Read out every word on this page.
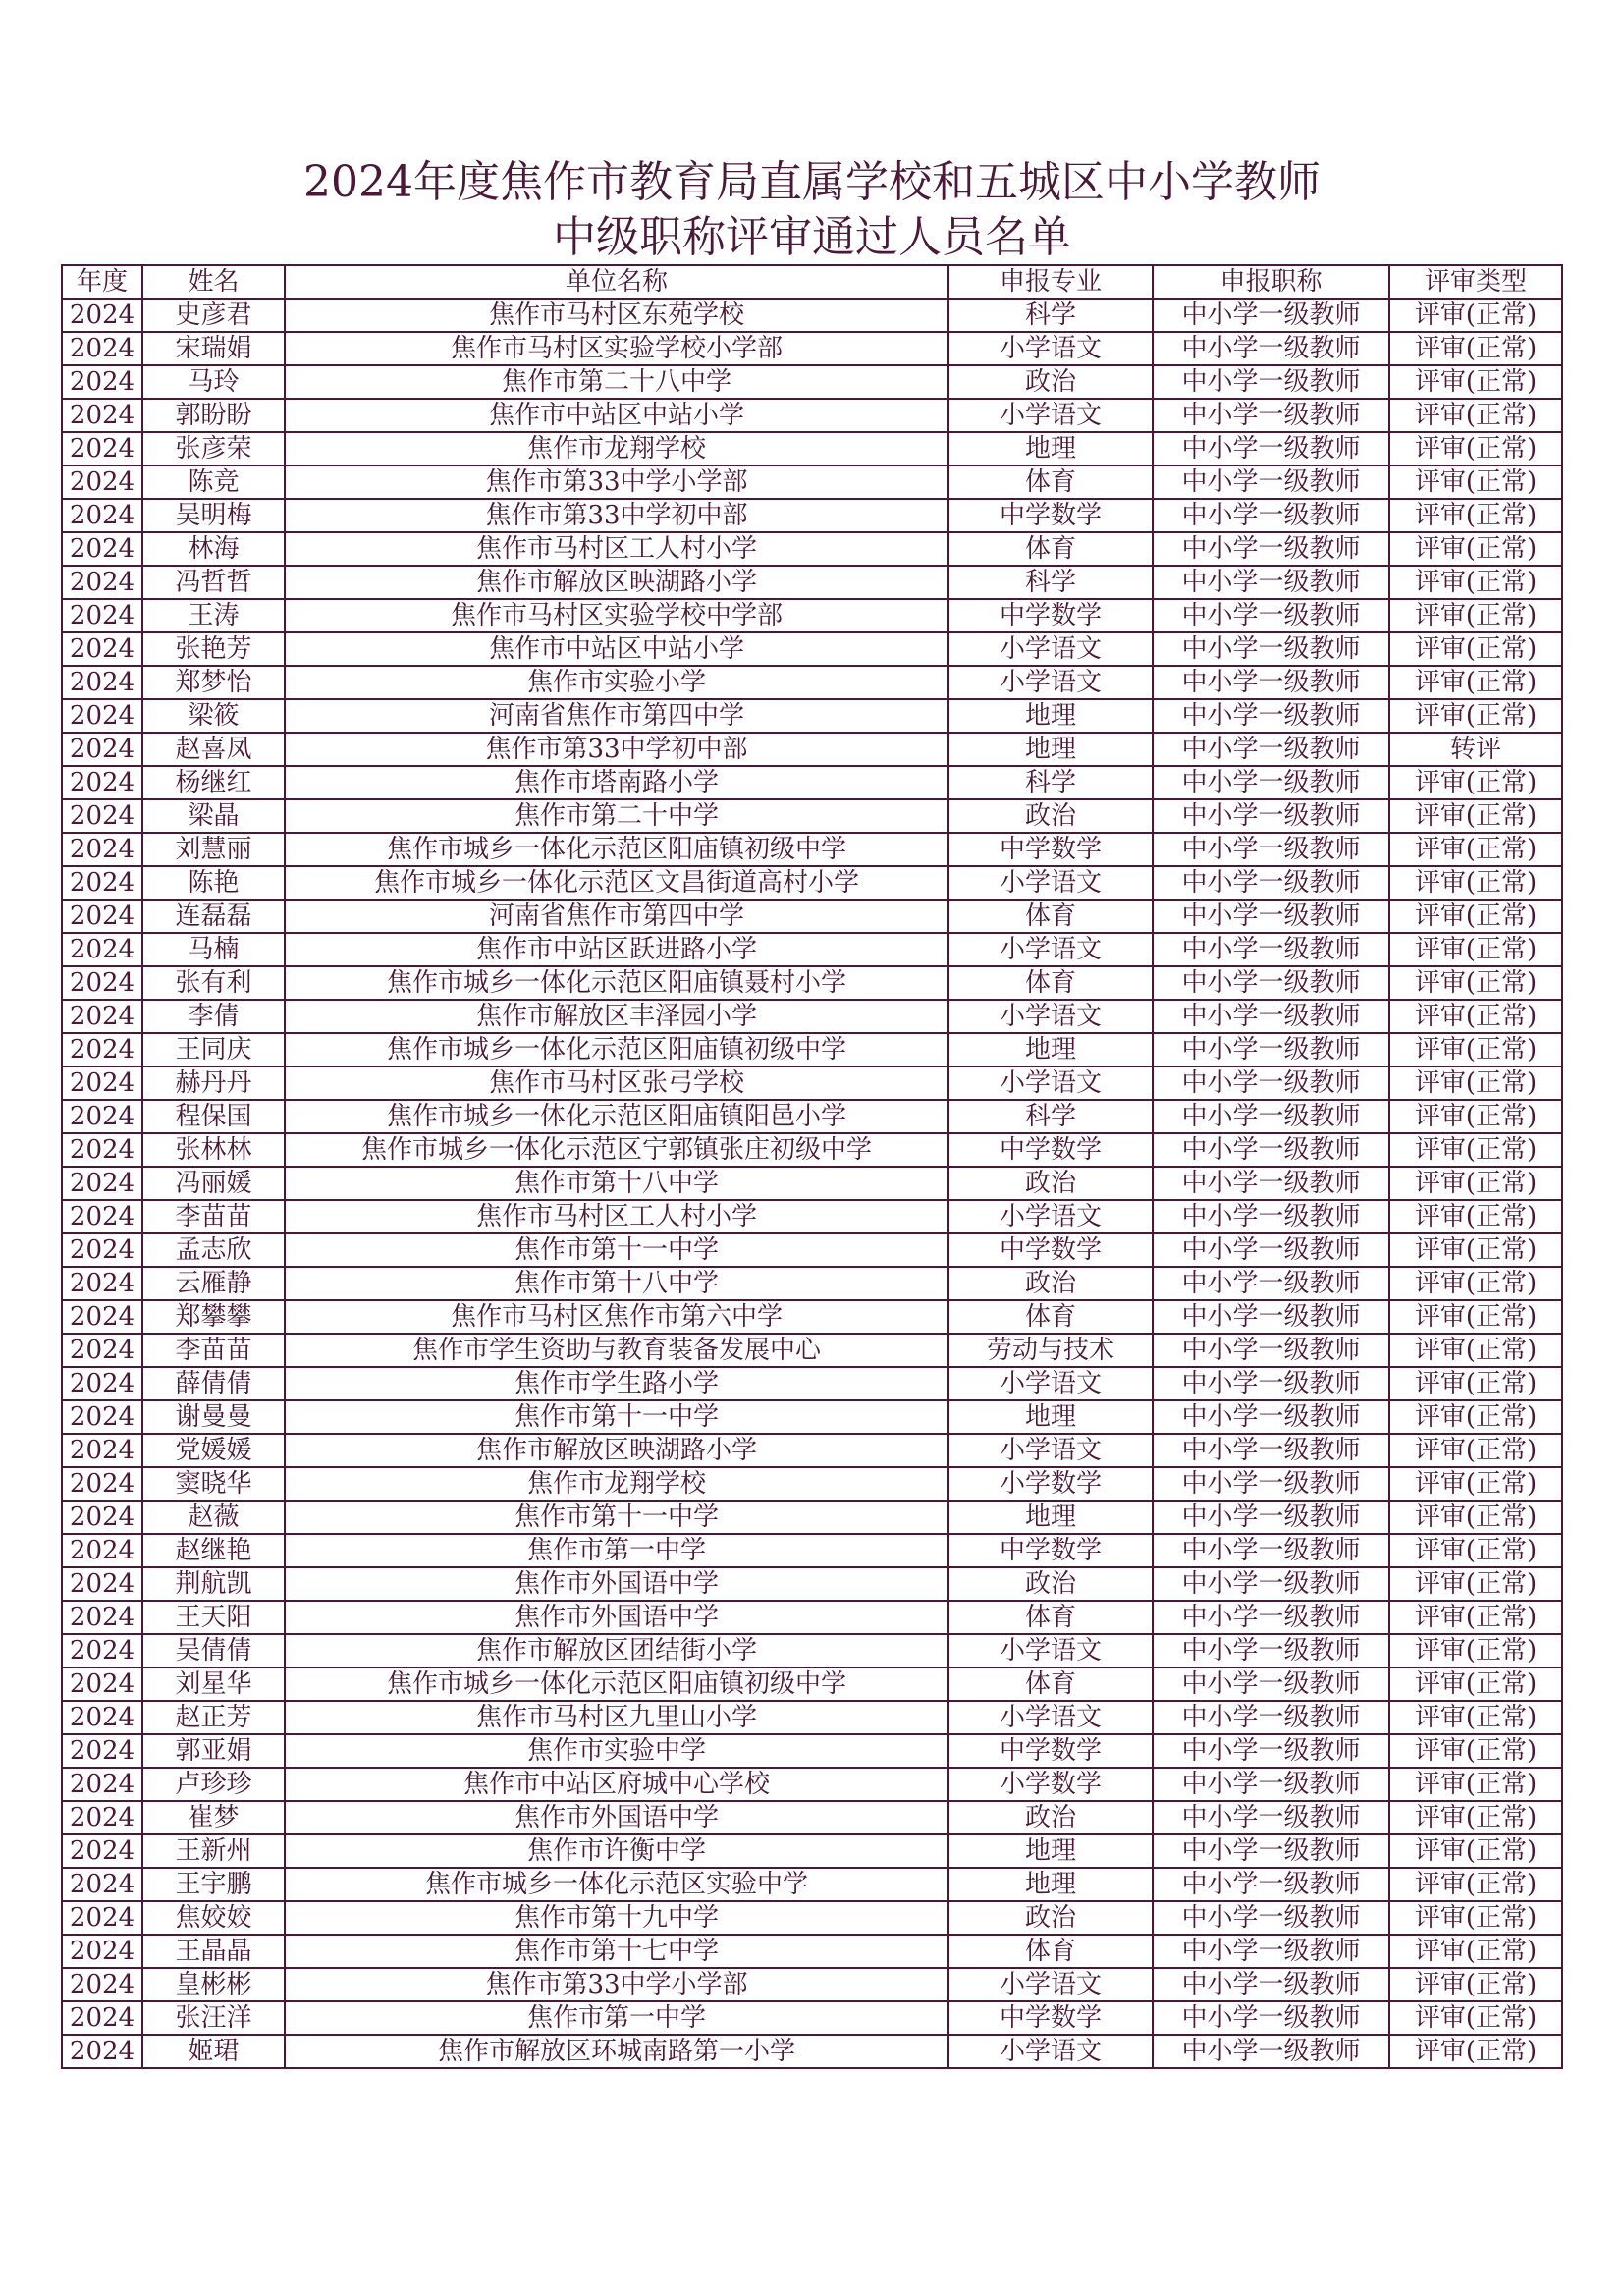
2024年度焦作市教育局直属学校和五城区中小学教师
中级职称评审通过人员名单
年度	姓名	单位名称	申报专业	申报职称	评审类型
2024	史彦君	焦作市马村区东苑学校	科学	中小学一级教师	评审(正常)
2024	宋瑞娟	焦作市马村区实验学校小学部	小学语文	中小学一级教师	评审(正常)
2024	马玲	焦作市第二十八中学	政治	中小学一级教师	评审(正常)
2024	郭盼盼	焦作市中站区中站小学	小学语文	中小学一级教师	评审(正常)
2024	张彦荣	焦作市龙翔学校	地理	中小学一级教师	评审(正常)
2024	陈竞	焦作市第33中学小学部	体育	中小学一级教师	评审(正常)
2024	吴明梅	焦作市第33中学初中部	中学数学	中小学一级教师	评审(正常)
2024	林海	焦作市马村区工人村小学	体育	中小学一级教师	评审(正常)
2024	冯哲哲	焦作市解放区映湖路小学	科学	中小学一级教师	评审(正常)
2024	王涛	焦作市马村区实验学校中学部	中学数学	中小学一级教师	评审(正常)
2024	张艳芳	焦作市中站区中站小学	小学语文	中小学一级教师	评审(正常)
2024	郑梦怡	焦作市实验小学	小学语文	中小学一级教师	评审(正常)
2024	梁筱	河南省焦作市第四中学	地理	中小学一级教师	评审(正常)
2024	赵喜凤	焦作市第33中学初中部	地理	中小学一级教师	转评
2024	杨继红	焦作市塔南路小学	科学	中小学一级教师	评审(正常)
2024	梁晶	焦作市第二十中学	政治	中小学一级教师	评审(正常)
2024	刘慧丽	焦作市城乡一体化示范区阳庙镇初级中学	中学数学	中小学一级教师	评审(正常)
2024	陈艳	焦作市城乡一体化示范区文昌街道高村小学	小学语文	中小学一级教师	评审(正常)
2024	连磊磊	河南省焦作市第四中学	体育	中小学一级教师	评审(正常)
2024	马楠	焦作市中站区跃进路小学	小学语文	中小学一级教师	评审(正常)
2024	张有利	焦作市城乡一体化示范区阳庙镇聂村小学	体育	中小学一级教师	评审(正常)
2024	李倩	焦作市解放区丰泽园小学	小学语文	中小学一级教师	评审(正常)
2024	王同庆	焦作市城乡一体化示范区阳庙镇初级中学	地理	中小学一级教师	评审(正常)
2024	赫丹丹	焦作市马村区张弓学校	小学语文	中小学一级教师	评审(正常)
2024	程保国	焦作市城乡一体化示范区阳庙镇阳邑小学	科学	中小学一级教师	评审(正常)
2024	张林林	焦作市城乡一体化示范区宁郭镇张庄初级中学	中学数学	中小学一级教师	评审(正常)
2024	冯丽媛	焦作市第十八中学	政治	中小学一级教师	评审(正常)
2024	李苗苗	焦作市马村区工人村小学	小学语文	中小学一级教师	评审(正常)
2024	孟志欣	焦作市第十一中学	中学数学	中小学一级教师	评审(正常)
2024	云雁静	焦作市第十八中学	政治	中小学一级教师	评审(正常)
2024	郑攀攀	焦作市马村区焦作市第六中学	体育	中小学一级教师	评审(正常)
2024	李苗苗	焦作市学生资助与教育装备发展中心	劳动与技术	中小学一级教师	评审(正常)
2024	薛倩倩	焦作市学生路小学	小学语文	中小学一级教师	评审(正常)
2024	谢曼曼	焦作市第十一中学	地理	中小学一级教师	评审(正常)
2024	党媛媛	焦作市解放区映湖路小学	小学语文	中小学一级教师	评审(正常)
2024	窦晓华	焦作市龙翔学校	小学数学	中小学一级教师	评审(正常)
2024	赵薇	焦作市第十一中学	地理	中小学一级教师	评审(正常)
2024	赵继艳	焦作市第一中学	中学数学	中小学一级教师	评审(正常)
2024	荆航凯	焦作市外国语中学	政治	中小学一级教师	评审(正常)
2024	王天阳	焦作市外国语中学	体育	中小学一级教师	评审(正常)
2024	吴倩倩	焦作市解放区团结街小学	小学语文	中小学一级教师	评审(正常)
2024	刘星华	焦作市城乡一体化示范区阳庙镇初级中学	体育	中小学一级教师	评审(正常)
2024	赵正芳	焦作市马村区九里山小学	小学语文	中小学一级教师	评审(正常)
2024	郭亚娟	焦作市实验中学	中学数学	中小学一级教师	评审(正常)
2024	卢珍珍	焦作市中站区府城中心学校	小学数学	中小学一级教师	评审(正常)
2024	崔梦	焦作市外国语中学	政治	中小学一级教师	评审(正常)
2024	王新州	焦作市许衡中学	地理	中小学一级教师	评审(正常)
2024	王宇鹏	焦作市城乡一体化示范区实验中学	地理	中小学一级教师	评审(正常)
2024	焦姣姣	焦作市第十九中学	政治	中小学一级教师	评审(正常)
2024	王晶晶	焦作市第十七中学	体育	中小学一级教师	评审(正常)
2024	皇彬彬	焦作市第33中学小学部	小学语文	中小学一级教师	评审(正常)
2024	张汪洋	焦作市第一中学	中学数学	中小学一级教师	评审(正常)
2024	姬珺	焦作市解放区环城南路第一小学	小学语文	中小学一级教师	评审(正常)
